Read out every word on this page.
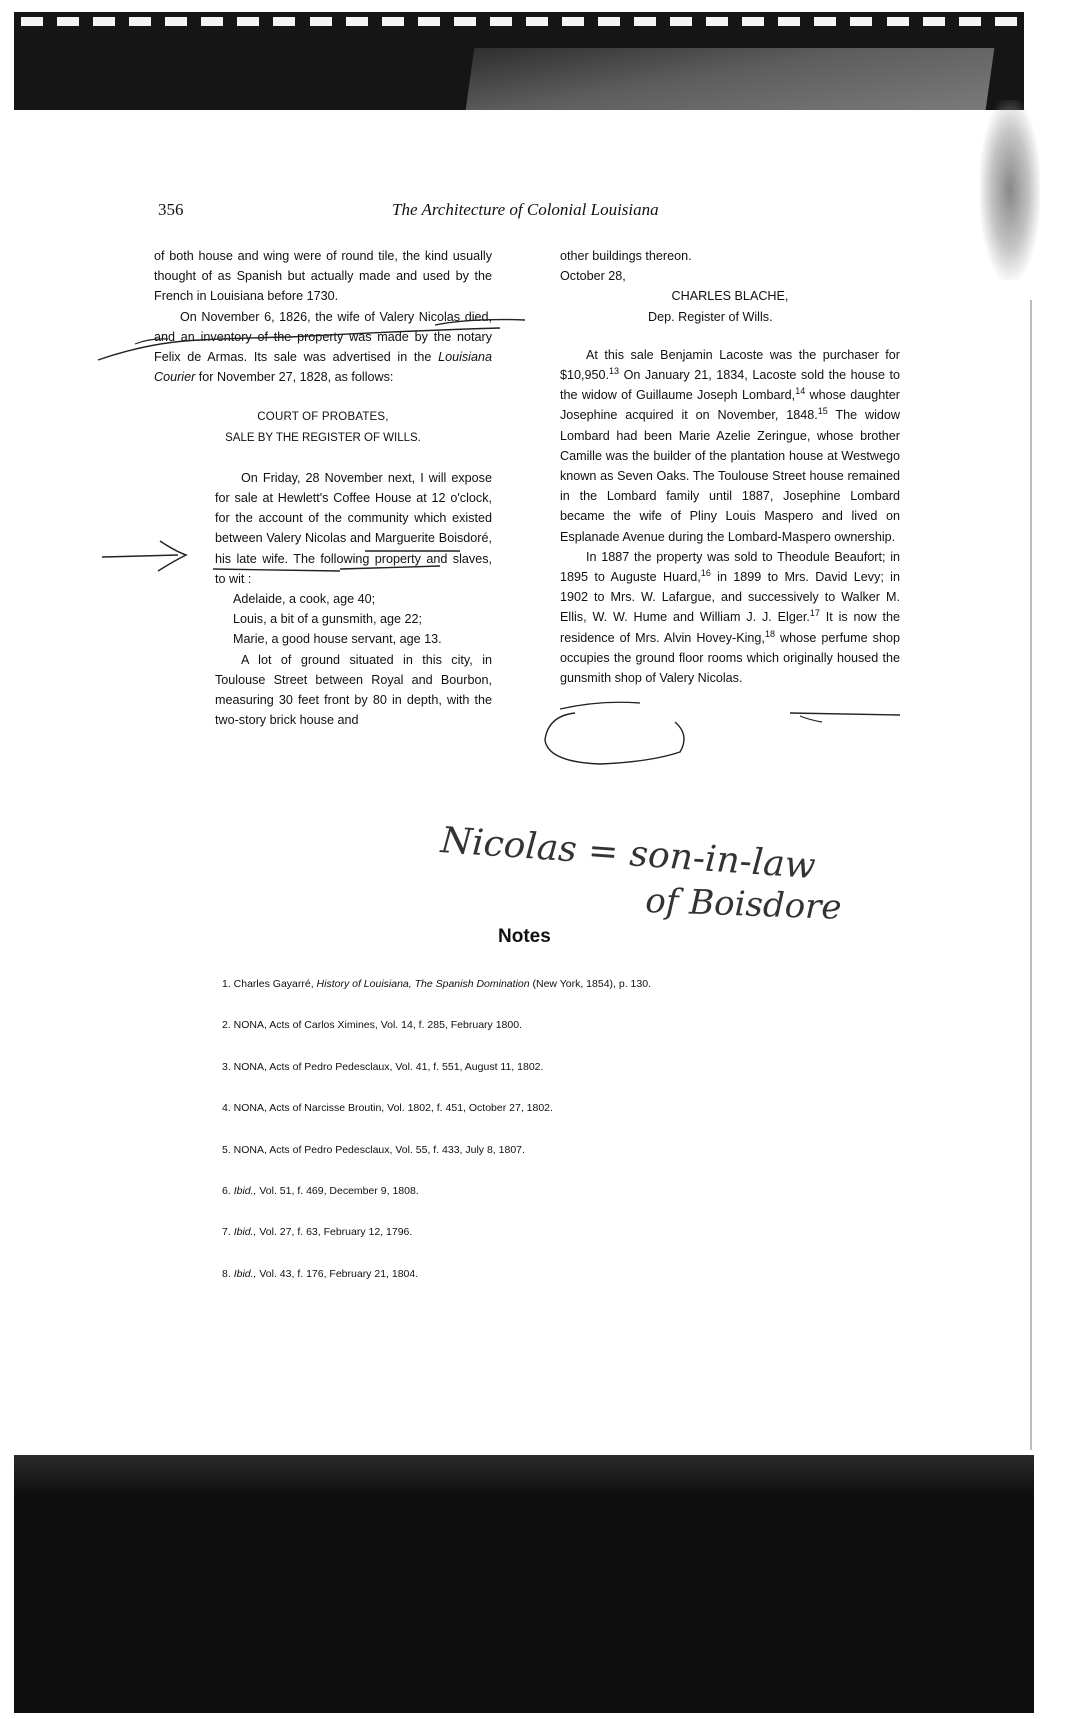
356	The Architecture of Colonial Louisiana

of both house and wing were of round tile, the kind usually thought of as Spanish but actually made and used by the French in Louisiana before 1730.

On November 6, 1826, the wife of Valery Nicolas died, and an inventory of the property was made by the notary Felix de Armas. Its sale was advertised in the Louisiana Courier for November 27, 1828, as follows:

COURT OF PROBATES,

SALE BY THE REGISTER OF WILLS.

On Friday, 28 November next, I will expose for sale at Hewlett's Coffee House at 12 o'clock, for the account of the community which existed between Valery Nicolas and Marguerite Boisdoré, his late wife. The following property and slaves, to wit :

Adelaide, a cook, age 40;

Louis, a bit of a gunsmith, age 22;

Marie, a good house servant, age 13.

A lot of ground situated in this city, in Toulouse Street between Royal and Bourbon, measuring 30 feet front by 80 in depth, with the two-story brick house and

other buildings thereon.

October 28,

CHARLES BLACHE,

Dep. Register of Wills.

At this sale Benjamin Lacoste was the purchaser for $10,950.13 On January 21, 1834, Lacoste sold the house to the widow of Guillaume Joseph Lombard,$^{14}$ whose daughter Josephine acquired it on November, 1848.15 The widow Lombard had been Marie Azelie Zeringue, whose brother Camille was the builder of the plantation house at Westwego known as Seven Oaks. The Toulouse Street house remained in the Lombard family until 1887, Josephine Lombard became the wife of Pliny Louis Maspero and lived on Esplanade Avenue during the Lombard-Maspero ownership.

In 1887 the property was sold to Theodule Beaufort; in 1895 to Auguste Huard,$^{16}$ in 1899 to Mrs. David Levy; in 1902 to Mrs. W. Lafargue, and successively to Walker M. Ellis, W. W. Hume and William J. J. Elger.$^{17}$ It is now the residence of Mrs. Alvin Hovey-King,$^{18}$ whose perfume shop occupies the ground floor rooms which originally housed the gunsmith shop of Valery Nicolas.

Nicolas = son-in-law
of Boisdore
Notes
1. Charles Gayarré, History of Louisiana, The Spanish Domination (New York, 1854), p. 130.
2. NONA, Acts of Carlos Ximines, Vol. 14, f. 285, February 1800.
3. NONA, Acts of Pedro Pedesclaux, Vol. 41, f. 551, August 11, 1802.
4. NONA, Acts of Narcisse Broutin, Vol. 1802, f. 451, October 27, 1802.
5. NONA, Acts of Pedro Pedesclaux, Vol. 55, f. 433, July 8, 1807.
6. Ibid., Vol. 51, f. 469, December 9, 1808.
7. Ibid., Vol. 27, f. 63, February 12, 1796.
8. Ibid., Vol. 43, f. 176, February 21, 1804.
